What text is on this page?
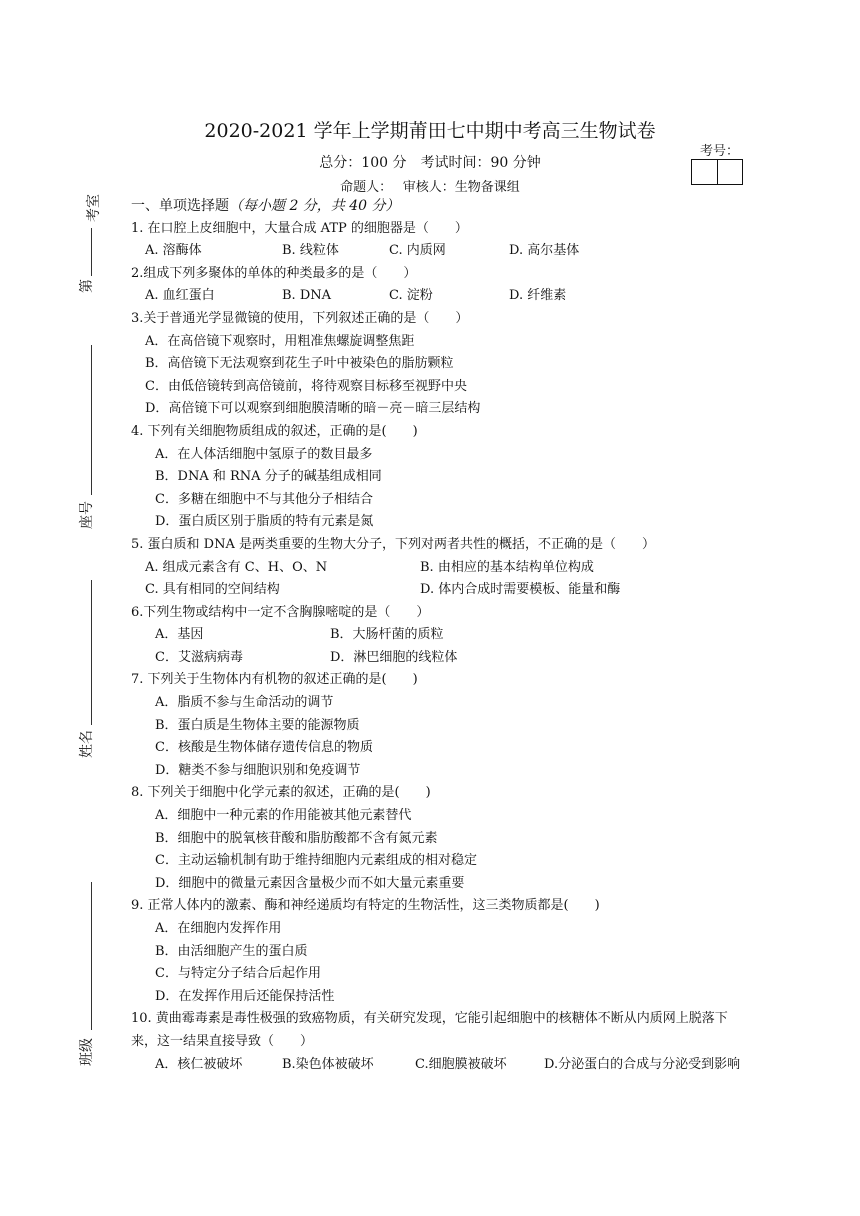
2020-2021 学年上学期莆田七中期中考高三生物试卷
总分：100 分　考试时间：90 分钟
命题人：　 审核人：生物备课组
考号：
考室
第
座号
姓名
班级
一、单项选择题（每小题 2 分，共 40 分）
1. 在口腔上皮细胞中，大量合成 ATP 的细胞器是（　　）
A. 溶酶体	B. 线粒体	C. 内质网	D. 高尔基体
2.组成下列多聚体的单体的种类最多的是（　　）
A. 血红蛋白	B. DNA	C. 淀粉	D. 纤维素
3.关于普通光学显微镜的使用，下列叙述正确的是（　　）
A．在高倍镜下观察时，用粗准焦螺旋调整焦距
B．高倍镜下无法观察到花生子叶中被染色的脂肪颗粒
C．由低倍镜转到高倍镜前，将待观察目标移至视野中央
D．高倍镜下可以观察到细胞膜清晰的暗－亮－暗三层结构
4. 下列有关细胞物质组成的叙述，正确的是(　　)
A．在人体活细胞中氢原子的数目最多
B．DNA 和 RNA 分子的碱基组成相同
C．多糖在细胞中不与其他分子相结合
D．蛋白质区别于脂质的特有元素是氮
5. 蛋白质和 DNA 是两类重要的生物大分子，下列对两者共性的概括，不正确的是（　　）
A. 组成元素含有 C、H、O、N	B. 由相应的基本结构单位构成
C. 具有相同的空间结构	D. 体内合成时需要模板、能量和酶
6.下列生物或结构中一定不含胸腺嘧啶的是（　　）
A．基因	B．大肠杆菌的质粒
C．艾滋病病毒	D．淋巴细胞的线粒体
7. 下列关于生物体内有机物的叙述正确的是(　　)
A．脂质不参与生命活动的调节
B．蛋白质是生物体主要的能源物质
C．核酸是生物体储存遗传信息的物质
D．糖类不参与细胞识别和免疫调节
8. 下列关于细胞中化学元素的叙述，正确的是(　　)
A．细胞中一种元素的作用能被其他元素替代
B．细胞中的脱氧核苷酸和脂肪酸都不含有氮元素
C．主动运输机制有助于维持细胞内元素组成的相对稳定
D．细胞中的微量元素因含量极少而不如大量元素重要
9. 正常人体内的激素、酶和神经递质均有特定的生物活性，这三类物质都是(　　)
A．在细胞内发挥作用
B．由活细胞产生的蛋白质
C．与特定分子结合后起作用
D．在发挥作用后还能保持活性
10. 黄曲霉毒素是毒性极强的致癌物质，有关研究发现，它能引起细胞中的核糖体不断从内质网上脱落下来，这一结果直接导致（　　）
A．核仁被破坏	B.染色体被破坏	C.细胞膜被破坏	D.分泌蛋白的合成与分泌受到影响
